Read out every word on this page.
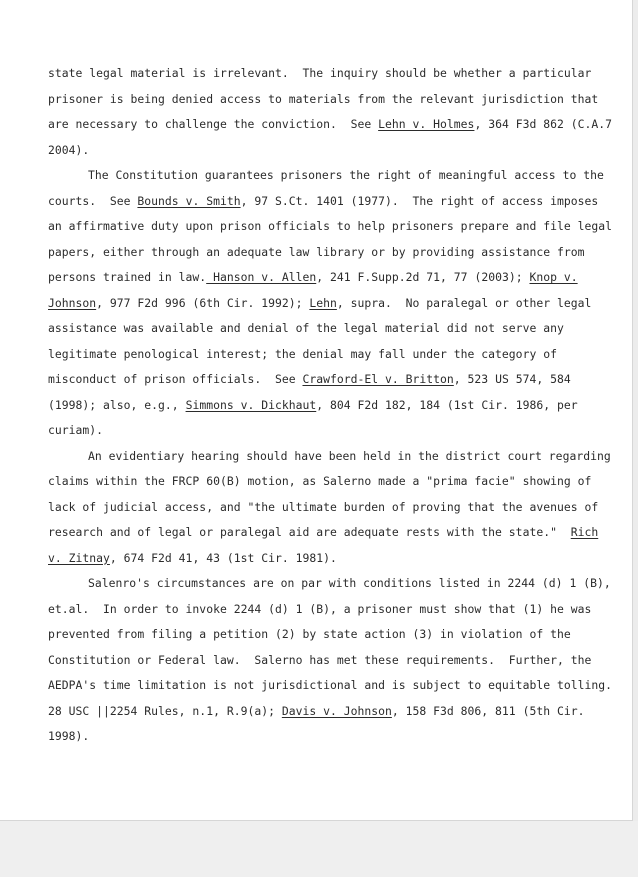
state legal material is irrelevant.  The inquiry should be whether a particular
prisoner is being denied access to materials from the relevant jurisdiction that
are necessary to challenge the conviction.  See Lehn v. Holmes, 364 F3d 862 (C.A.7
2004).
The Constitution guarantees prisoners the right of meaningful access to the
courts.  See Bounds v. Smith, 97 S.Ct. 1401 (1977).  The right of access imposes
an affirmative duty upon prison officials to help prisoners prepare and file legal
papers, either through an adequate law library or by providing assistance from
persons trained in law. Hanson v. Allen, 241 F.Supp.2d 71, 77 (2003); Knop v.
Johnson, 977 F2d 996 (6th Cir. 1992); Lehn, supra.  No paralegal or other legal
assistance was available and denial of the legal material did not serve any
legitimate penological interest; the denial may fall under the category of
misconduct of prison officials.  See Crawford-El v. Britton, 523 US 574, 584
(1998); also, e.g., Simmons v. Dickhaut, 804 F2d 182, 184 (1st Cir. 1986, per
curiam).
An evidentiary hearing should have been held in the district court regarding
claims within the FRCP 60(B) motion, as Salerno made a "prima facie" showing of
lack of judicial access, and "the ultimate burden of proving that the avenues of
research and of legal or paralegal aid are adequate rests with the state."  Rich
v. Zitnay, 674 F2d 41, 43 (1st Cir. 1981).
Salenro's circumstances are on par with conditions listed in 2244 (d) 1 (B),
et.al.  In order to invoke 2244 (d) 1 (B), a prisoner must show that (1) he was
prevented from filing a petition (2) by state action (3) in violation of the
Constitution or Federal law.  Salerno has met these requirements.  Further, the
AEDPA's time limitation is not jurisdictional and is subject to equitable tolling.
28 USC ||2254 Rules, n.1, R.9(a); Davis v. Johnson, 158 F3d 806, 811 (5th Cir.
1998).
